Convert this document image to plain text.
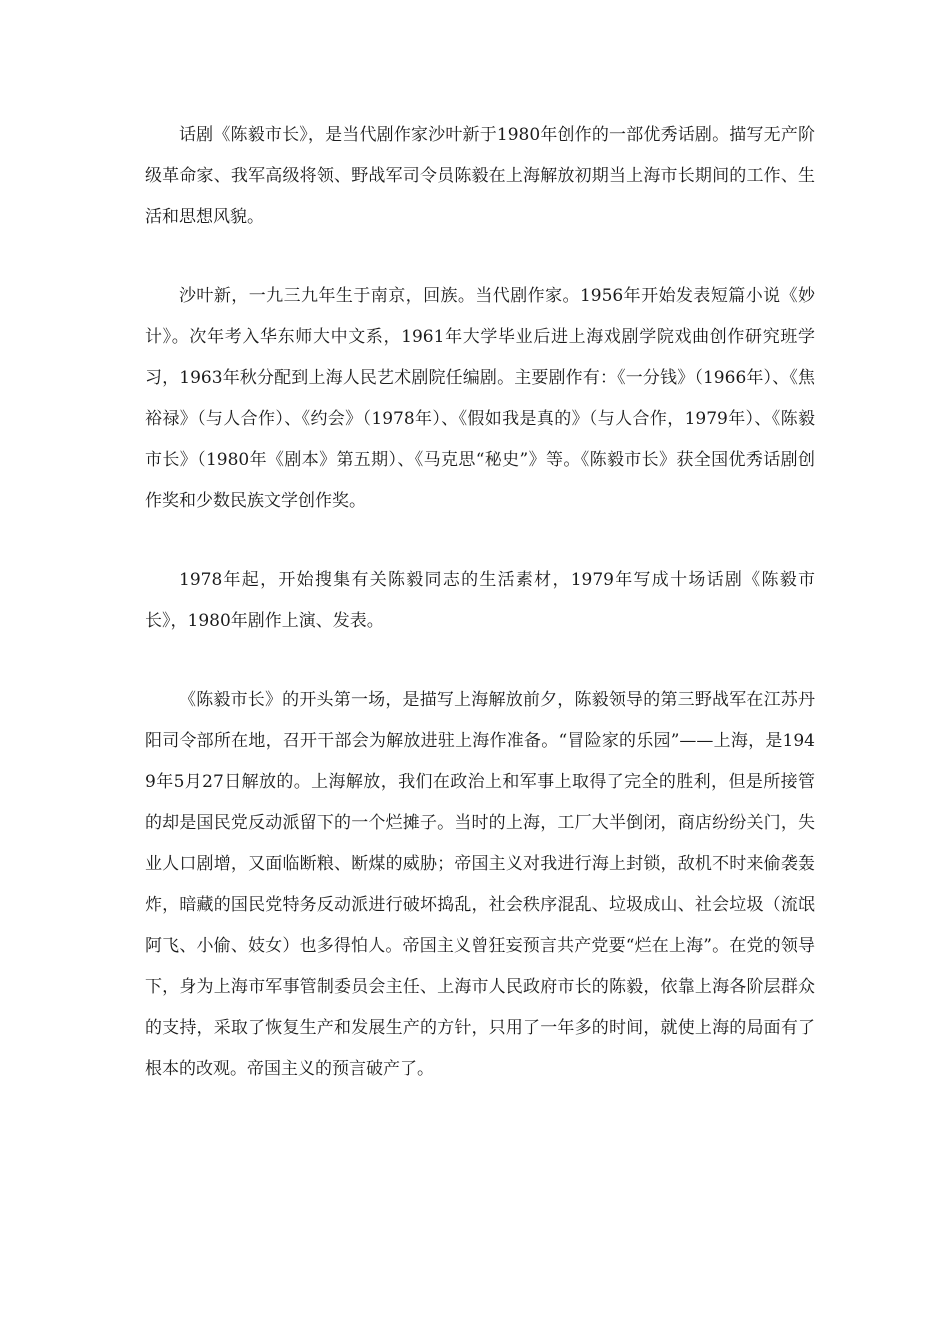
话剧《陈毅市长》，是当代剧作家沙叶新于1980年创作的一部优秀话剧。描写无产阶级革命家、我军高级将领、野战军司令员陈毅在上海解放初期当上海市长期间的工作、生活和思想风貌。

沙叶新，一九三九年生于南京，回族。当代剧作家。1956年开始发表短篇小说《妙计》。次年考入华东师大中文系，1961年大学毕业后进上海戏剧学院戏曲创作研究班学习，1963年秋分配到上海人民艺术剧院任编剧。主要剧作有：《一分钱》（1966年）、《焦裕禄》（与人合作）、《约会》（1978年）、《假如我是真的》（与人合作，1979年）、《陈毅市长》（1980年《剧本》第五期）、《马克思“秘史”》等。《陈毅市长》获全国优秀话剧创作奖和少数民族文学创作奖。

1978年起，开始搜集有关陈毅同志的生活素材，1979年写成十场话剧《陈毅市长》，1980年剧作上演、发表。

《陈毅市长》的开头第一场，是描写上海解放前夕，陈毅领导的第三野战军在江苏丹阳司令部所在地，召开干部会为解放进驻上海作准备。“冒险家的乐园”——上海，是1949年5月27日解放的。上海解放，我们在政治上和军事上取得了完全的胜利，但是所接管的却是国民党反动派留下的一个烂摊子。当时的上海，工厂大半倒闭，商店纷纷关门，失业人口剧增，又面临断粮、断煤的威胁；帝国主义对我进行海上封锁，敌机不时来偷袭轰炸，暗藏的国民党特务反动派进行破坏捣乱，社会秩序混乱、垃圾成山、社会垃圾（流氓阿飞、小偷、妓女）也多得怕人。帝国主义曾狂妄预言共产党要“烂在上海”。在党的领导下，身为上海市军事管制委员会主任、上海市人民政府市长的陈毅，依靠上海各阶层群众的支持，采取了恢复生产和发展生产的方针，只用了一年多的时间，就使上海的局面有了根本的改观。帝国主义的预言破产了。
